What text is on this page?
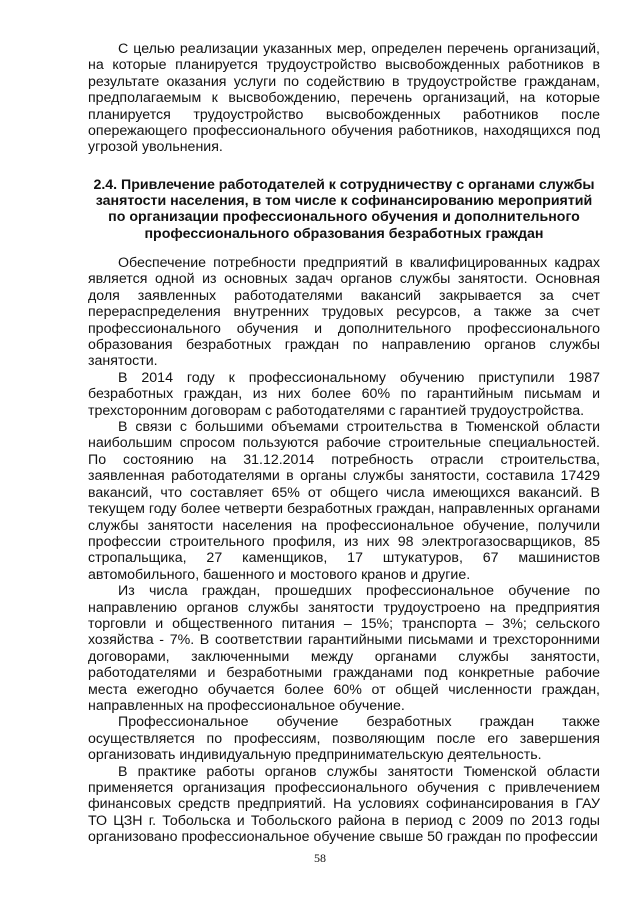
С целью реализации указанных мер, определен перечень организаций, на которые планируется трудоустройство высвобожденных работников в результате оказания услуги по содействию в трудоустройстве гражданам, предполагаемым к высвобождению, перечень организаций, на которые планируется трудоустройство высвобожденных работников после опережающего профессионального обучения работников, находящихся под угрозой увольнения.

2.4. Привлечение работодателей к сотрудничеству с органами службы занятости населения, в том числе к софинансированию мероприятий по организации профессионального обучения и дополнительного профессионального образования безработных граждан

Обеспечение потребности предприятий в квалифицированных кадрах является одной из основных задач органов службы занятости. Основная доля заявленных работодателями вакансий закрывается за счет перераспределения внутренних трудовых ресурсов, а также за счет профессионального обучения и дополнительного профессионального образования безработных граждан по направлению органов службы занятости.

В 2014 году к профессиональному обучению приступили 1987 безработных граждан, из них более 60% по гарантийным письмам и трехсторонним договорам с работодателями с гарантией трудоустройства.

В связи с большими объемами строительства в Тюменской области наибольшим спросом пользуются рабочие строительные специальностей. По состоянию на 31.12.2014 потребность отрасли строительства, заявленная работодателями в органы службы занятости, составила 17429 вакансий, что составляет 65% от общего числа имеющихся вакансий. В текущем году более четверти безработных граждан, направленных органами службы занятости населения на профессиональное обучение, получили профессии строительного профиля, из них 98 электрогазосварщиков, 85 стропальщика, 27 каменщиков, 17 штукатуров, 67 машинистов автомобильного, башенного и мостового кранов и другие.

Из числа граждан, прошедших профессиональное обучение по направлению органов службы занятости трудоустроено на предприятия торговли и общественного питания – 15%; транспорта – 3%; сельского хозяйства - 7%. В соответствии гарантийными письмами и трехсторонними договорами, заключенными между органами службы занятости, работодателями и безработными гражданами под конкретные рабочие места ежегодно обучается более 60% от общей численности граждан, направленных на профессиональное обучение.

Профессиональное обучение безработных граждан также осуществляется по профессиям, позволяющим после его завершения организовать индивидуальную предпринимательскую деятельность.

В практике работы органов службы занятости Тюменской области применяется организация профессионального обучения с привлечением финансовых средств предприятий. На условиях софинансирования в ГАУ ТО ЦЗН г. Тобольска и Тобольского района в период с 2009 по 2013 годы организовано профессиональное обучение свыше 50 граждан по профессии

58
